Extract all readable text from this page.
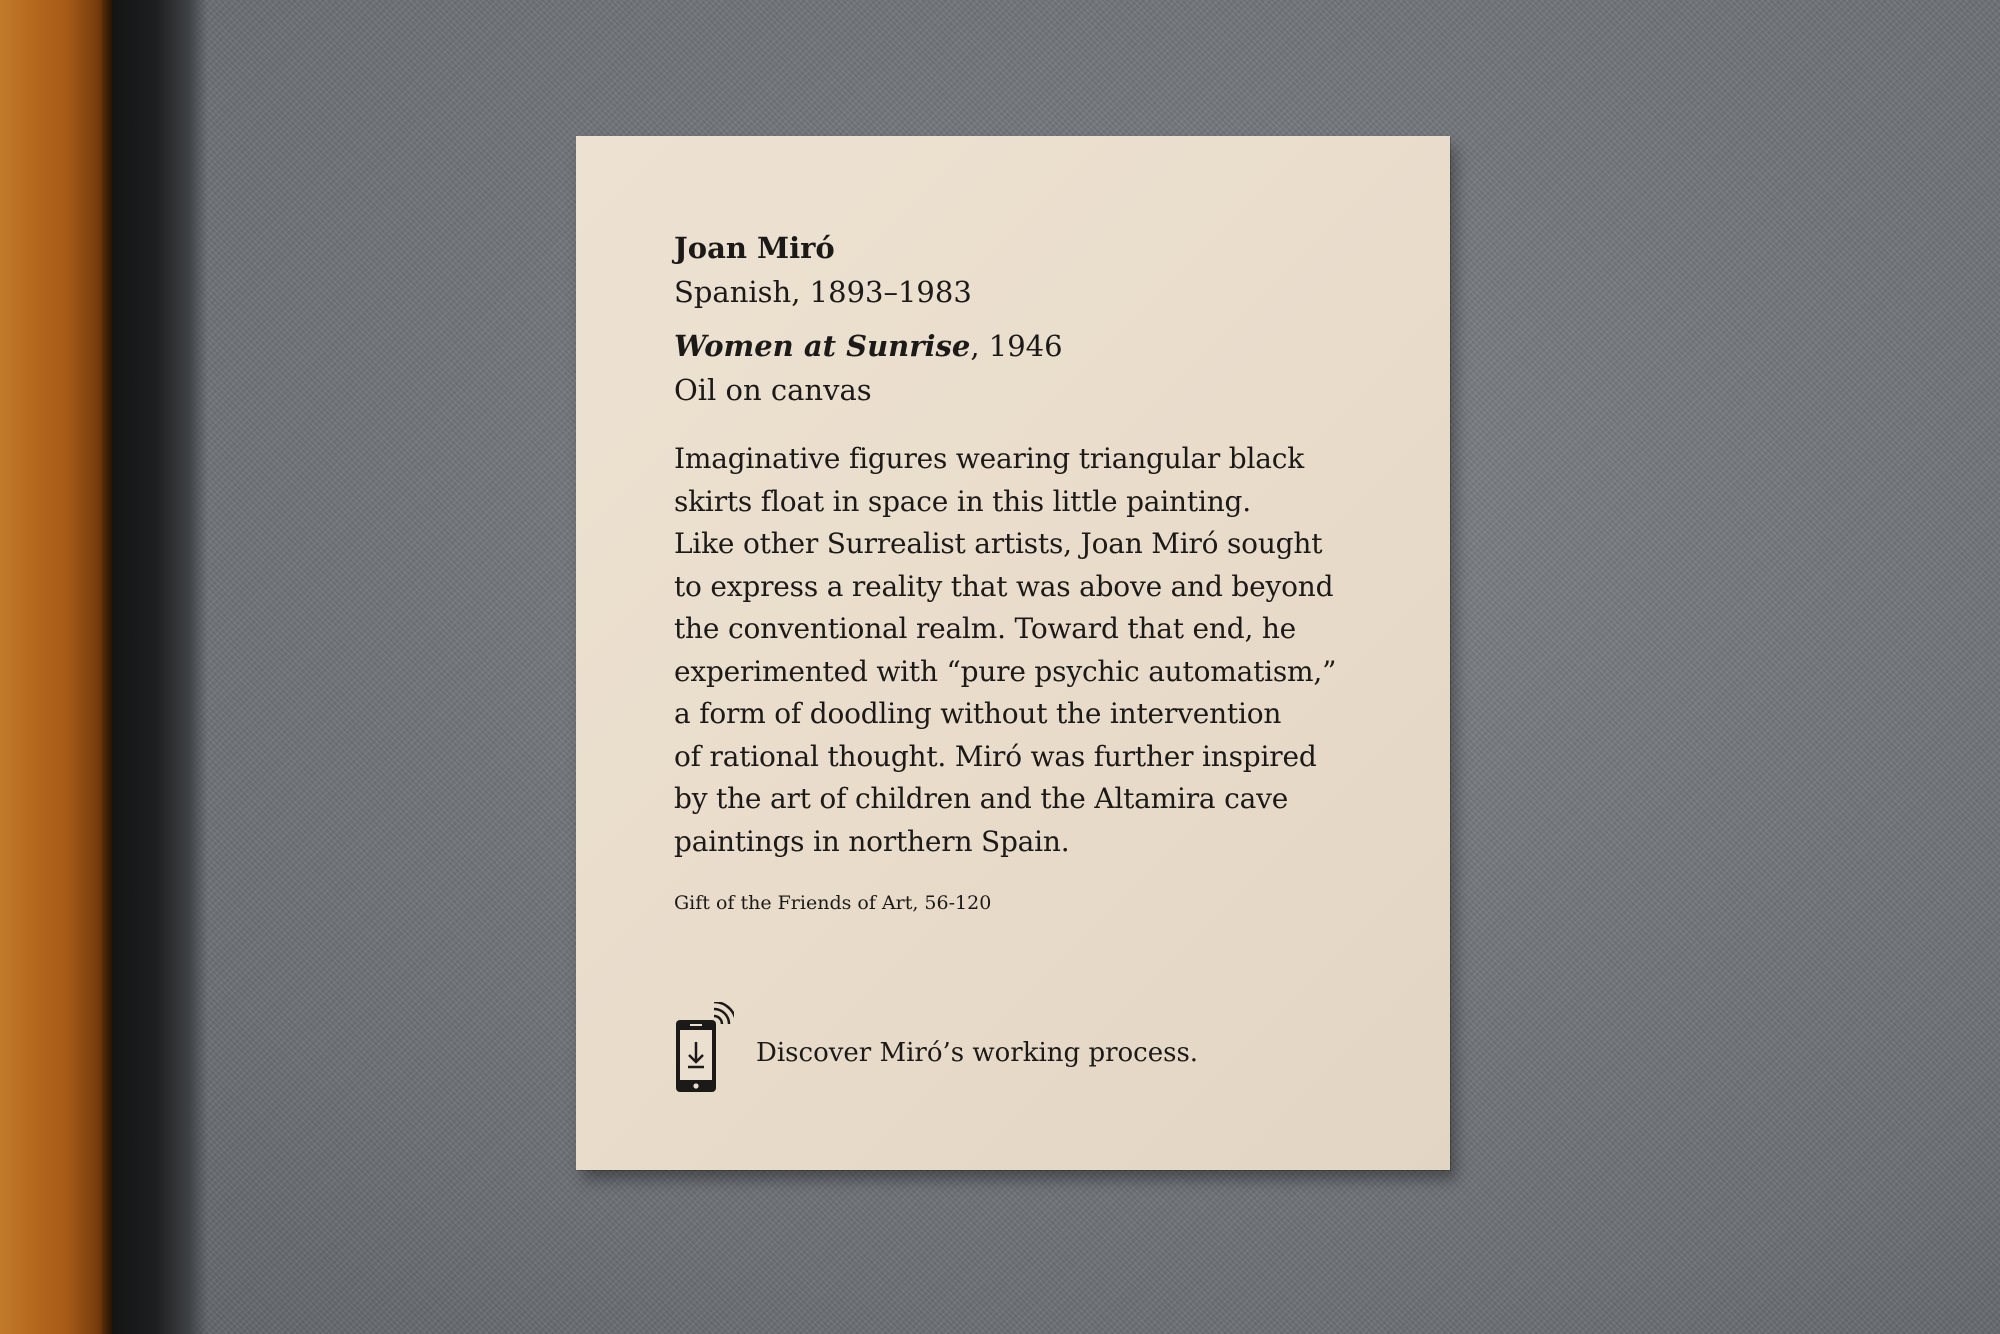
Joan Miró
Spanish, 1893–1983
Women at Sunrise, 1946
Oil on canvas
Imaginative figures wearing triangular black
skirts float in space in this little painting.
Like other Surrealist artists, Joan Miró sought
to express a reality that was above and beyond
the conventional realm. Toward that end, he
experimented with “pure psychic automatism,”
a form of doodling without the intervention
of rational thought. Miró was further inspired
by the art of children and the Altamira cave
paintings in northern Spain.
Gift of the Friends of Art, 56-120
Discover Miró’s working process.
